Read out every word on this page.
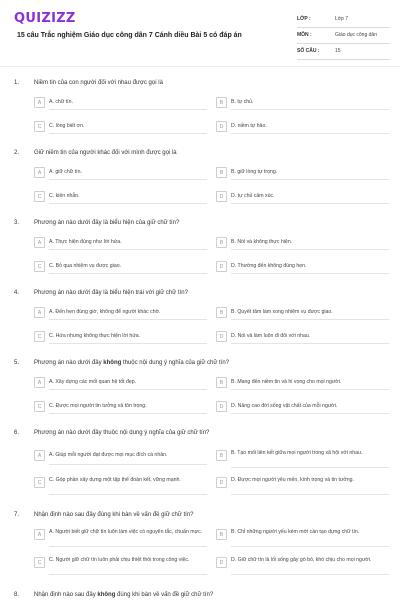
QUIZIZZ
15 câu Trắc nghiệm Giáo dục công dân 7 Cánh diều Bài 5 có đáp án
LỚP :	Lớp 7
MÔN :	Giáo dục công dân
SỐ CÂU :	15
1. Niềm tin của con người đối với nhau được gọi là
A	A. chữ tín.	B	B. tự chủ.
C	C. lòng biết ơn.	D	D. niềm tự hào.
2. Giữ niềm tin của người khác đối với mình được gọi là
A	A. giữ chữ tín.	B	B. giữ lòng tự trọng.
C	C. kiên nhẫn.	D	D. tự chủ cảm xúc.
3. Phương án nào dưới đây là biểu hiện của giữ chữ tín?
A	A. Thực hiện đúng như lời hứa.	B	B. Nói và không thực hiện.
C	C. Bỏ qua nhiệm vụ được giao.	D	D. Thường đến không đúng hẹn.
4. Phương án nào dưới đây là biểu hiện trái với giữ chữ tín?
A	A. Đến hẹn đúng giờ, không để người khác chờ.	B	B. Quyết tâm làm xong nhiệm vụ được giao.
C	C. Hứa nhưng không thực hiện lời hứa.	D	D. Nói và làm luôn đi đôi với nhau.
5. Phương án nào dưới đây không thuộc nội dung ý nghĩa của giữ chữ tín?
A	A. Xây dựng các mối quan hệ tốt đẹp.	B	B. Mang đến niềm tin và hi vọng cho mọi người.
C	C. Được mọi người tin tưởng và tôn trọng.	D	D. Nâng cao đời sống vật chất của mỗi người.
6. Phương án nào dưới đây thuộc nội dung ý nghĩa của giữ chữ tín?
A	A. Giúp mỗi người đạt được mọi mục đích cá nhân.	B	B. Tạo mối liên kết giữa mọi người trong xã hội với nhau.
C	C. Góp phần xây dựng một tập thể đoàn kết, vững mạnh.	D	D. Được mọi người yêu mến, kính trọng và tin tưởng.
7. Nhận định nào sau đây đúng khi bàn về vấn đề giữ chữ tín?
A	A. Người biết giữ chữ tín luôn làm việc có nguyên tắc, chuẩn mực.	B	B. Chỉ những người yếu kém mới cần tạo dựng chữ tín.
C	C. Người giữ chữ tín luôn phải chịu thiệt thòi trong công việc.	D	D. Giữ chữ tín là lối sống gây gò bó, khó chịu cho mọi người.
8. Nhận định nào sau đây không đúng khi bàn về vấn đề giữ chữ tín?
